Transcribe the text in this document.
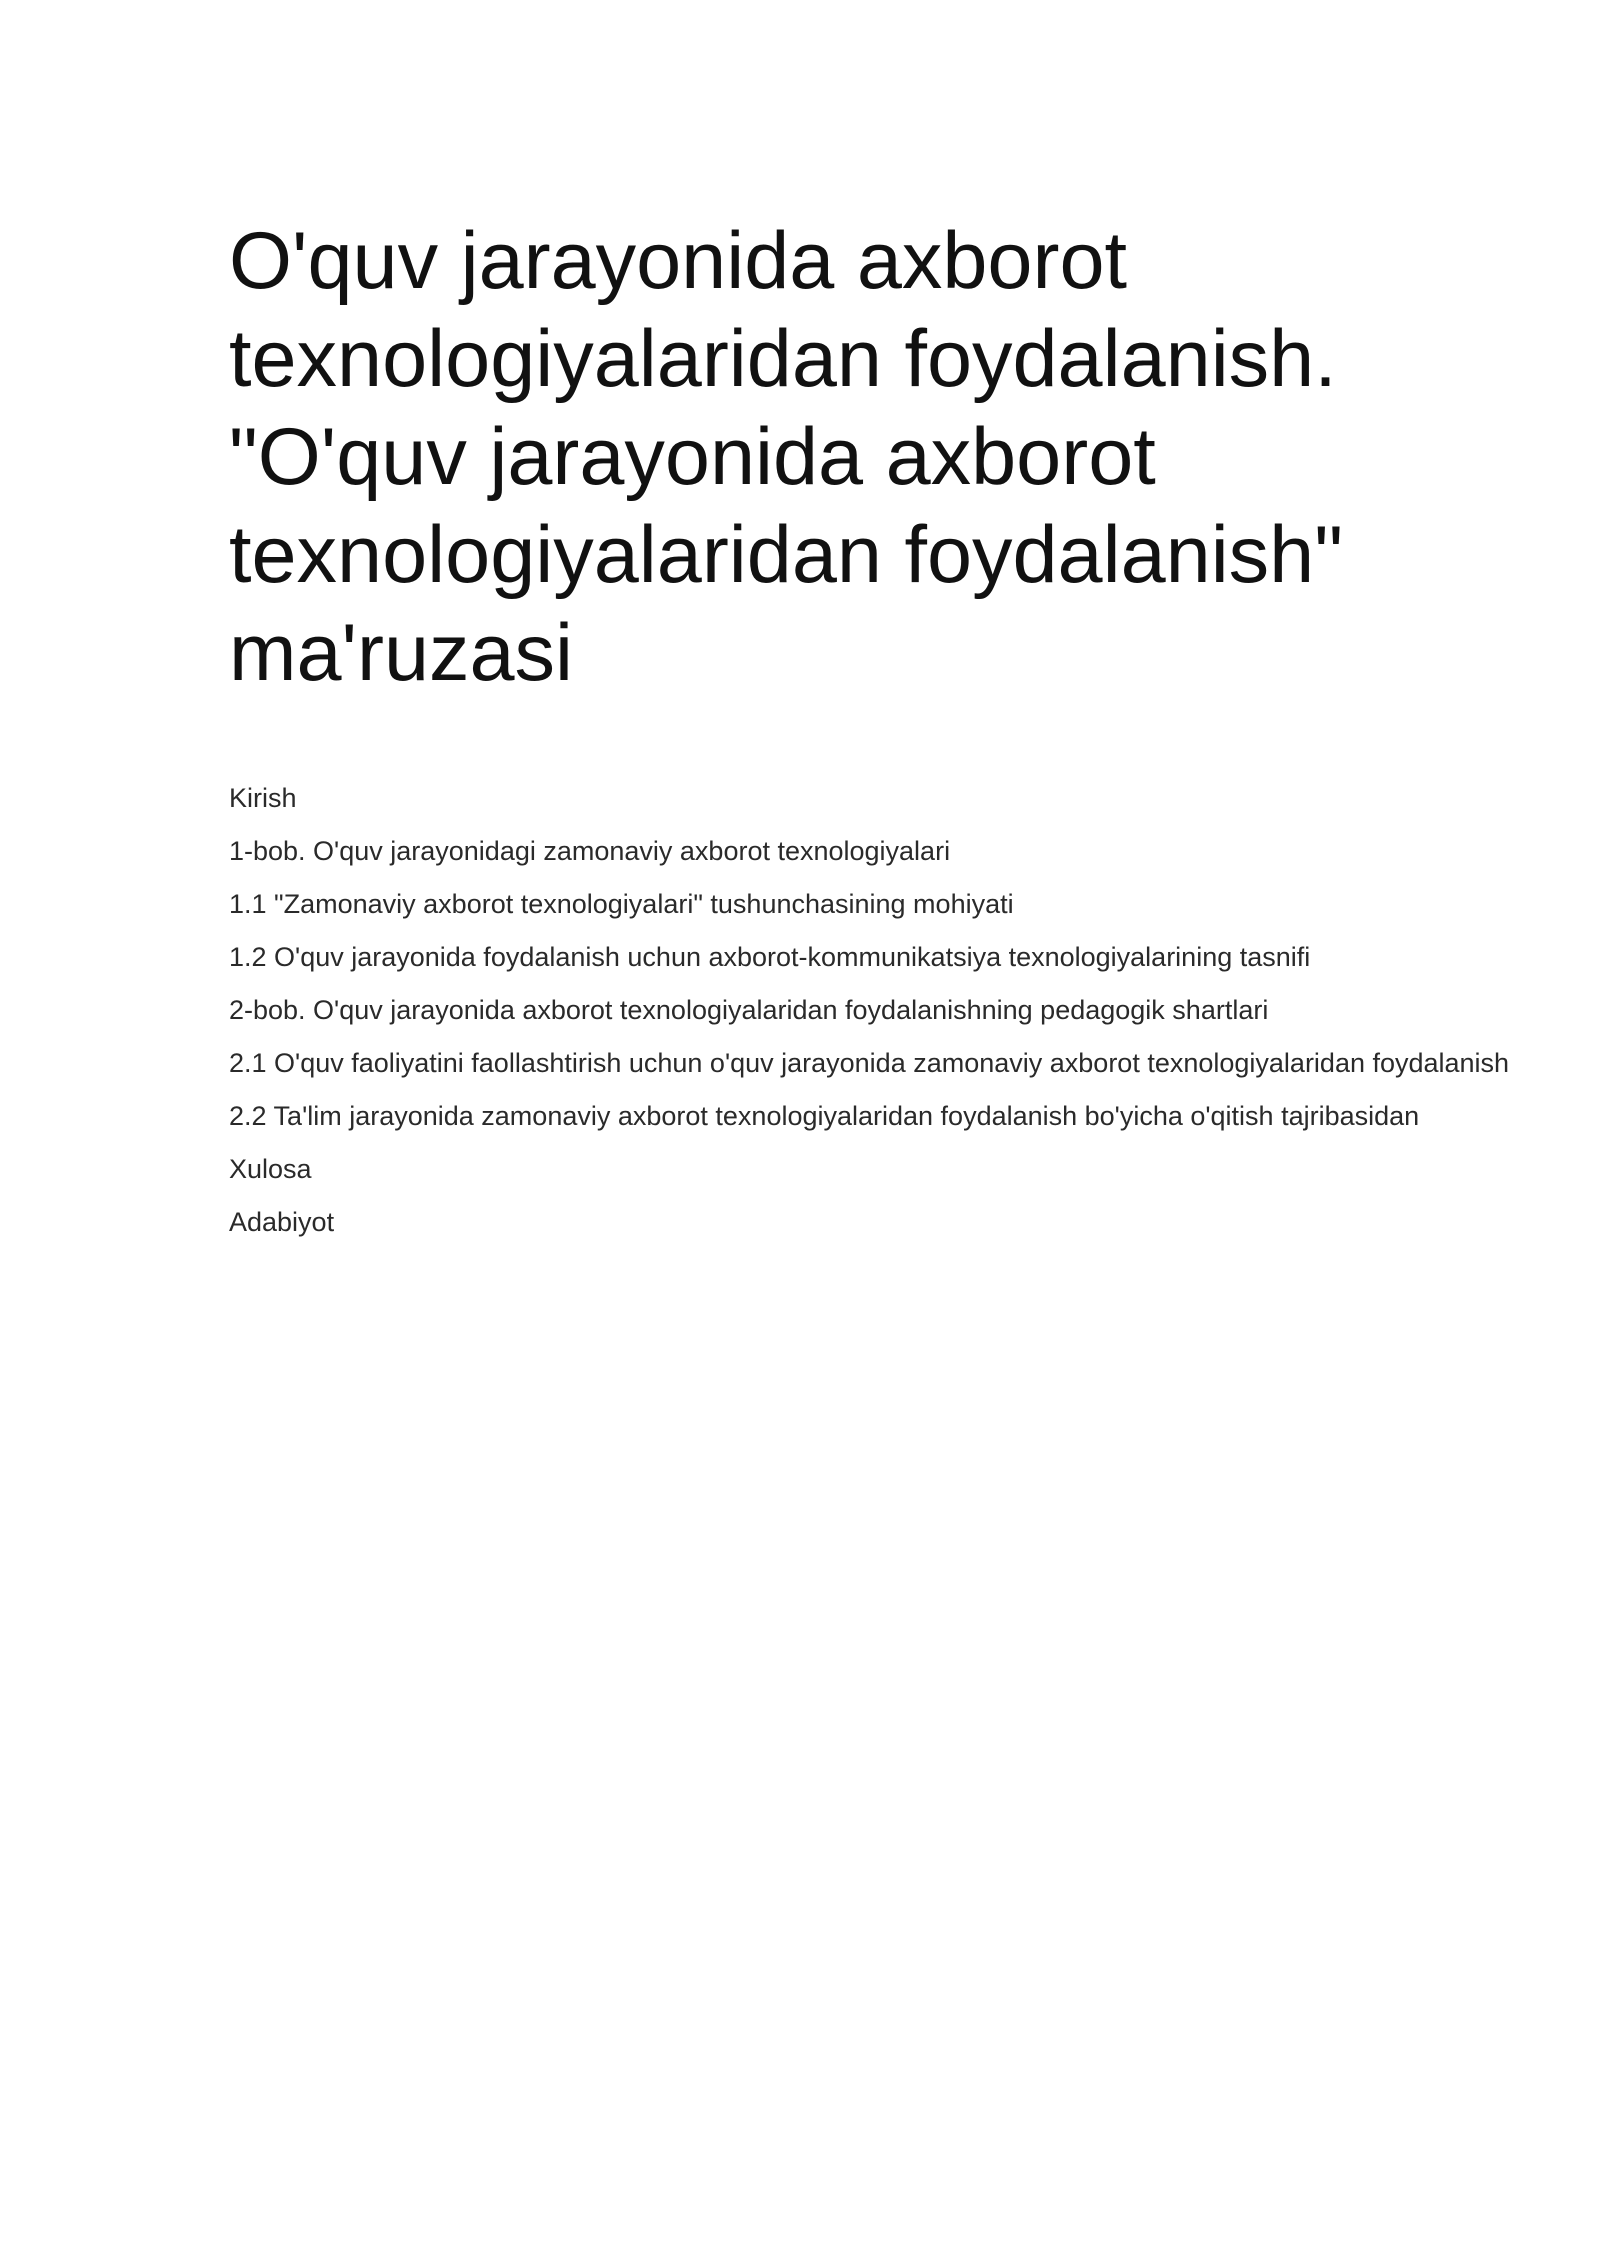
O'quv jarayonida axborot texnologiyalaridan foydalanish. "O'quv jarayonida axborot texnologiyalaridan foydalanish" ma'ruzasi
Kirish
1-bob. O'quv jarayonidagi zamonaviy axborot texnologiyalari
1.1 "Zamonaviy axborot texnologiyalari" tushunchasining mohiyati
1.2 O'quv jarayonida foydalanish uchun axborot-kommunikatsiya texnologiyalarining tasnifi
2-bob. O'quv jarayonida axborot texnologiyalaridan foydalanishning pedagogik shartlari
2.1 O'quv faoliyatini faollashtirish uchun o'quv jarayonida zamonaviy axborot texnologiyalaridan foydalanish
2.2 Ta'lim jarayonida zamonaviy axborot texnologiyalaridan foydalanish bo'yicha o'qitish tajribasidan
Xulosa
Adabiyot
